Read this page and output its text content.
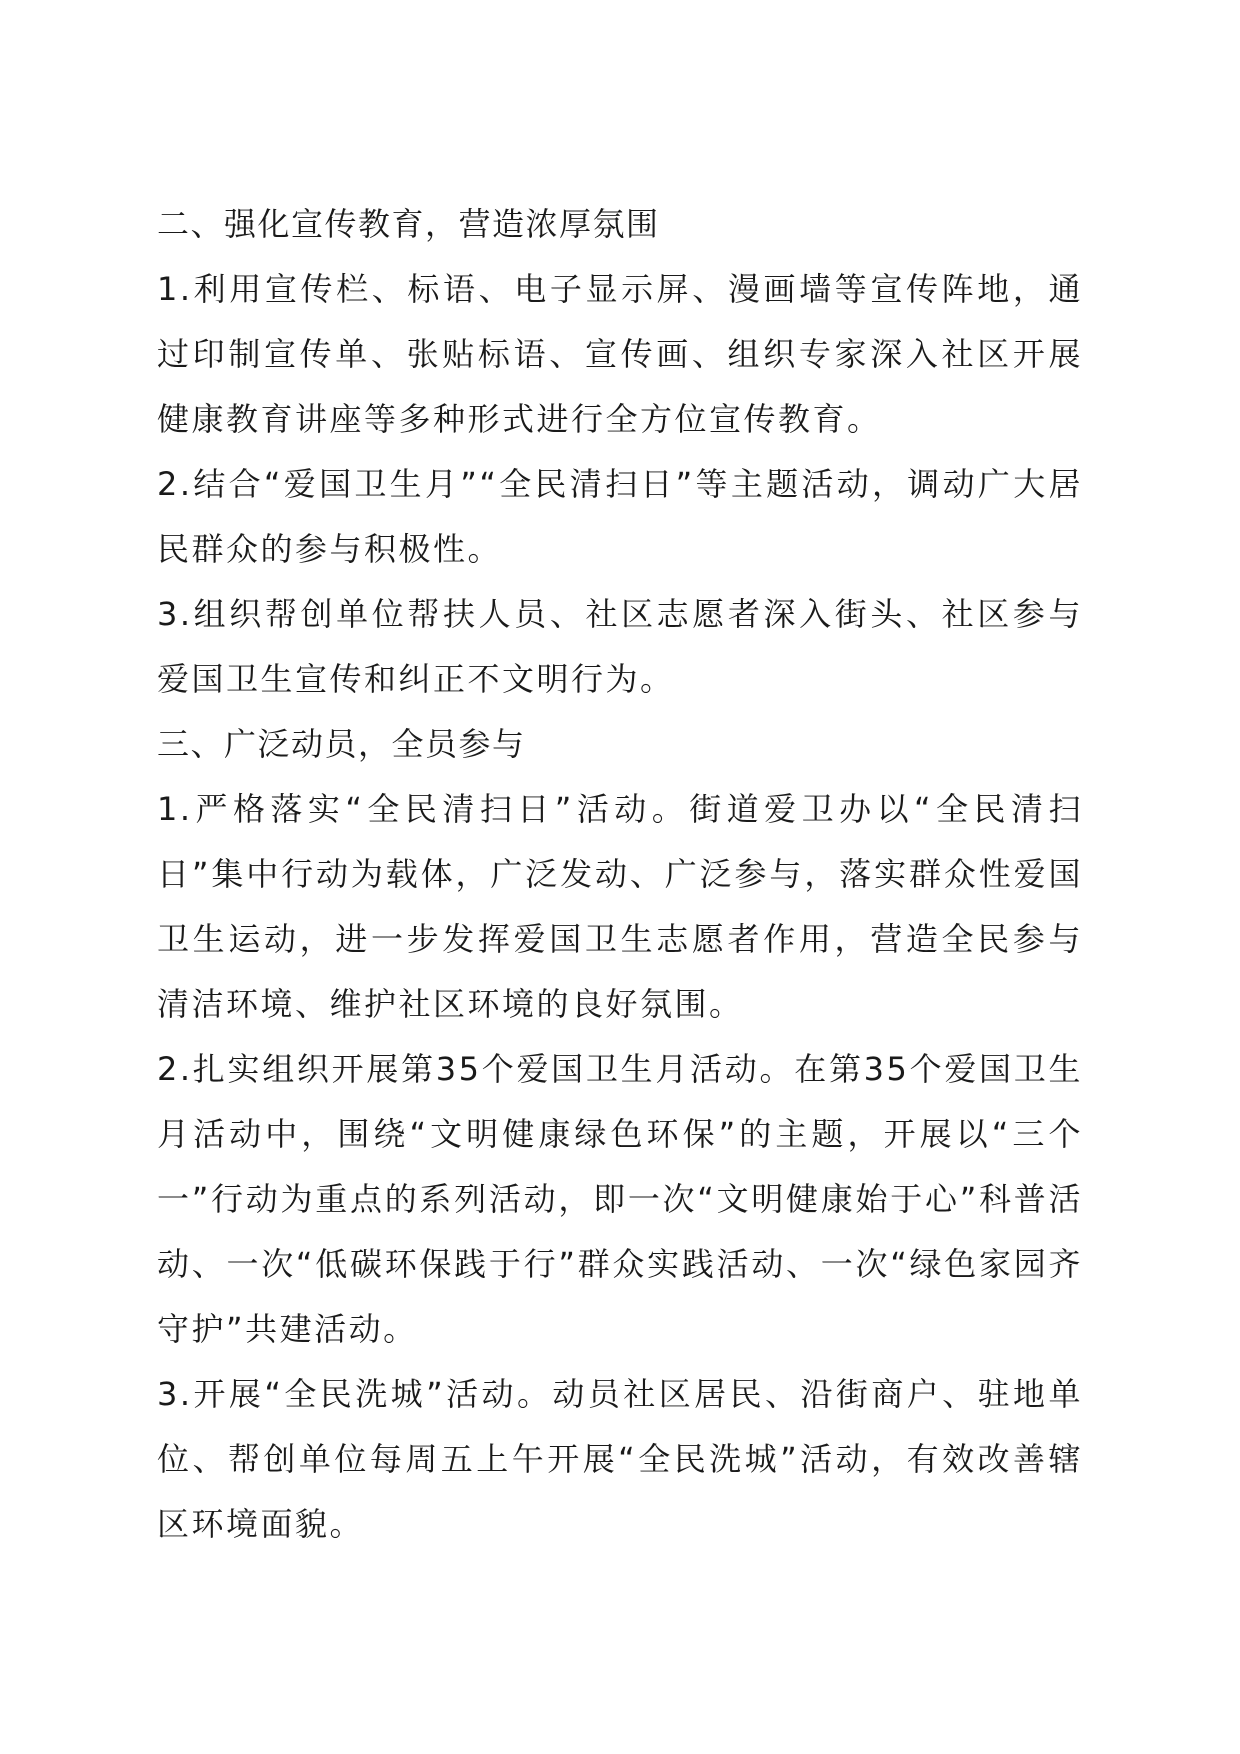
二、强化宣传教育，营造浓厚氛围

1.利用宣传栏、标语、电子显示屏、漫画墙等宣传阵地，通过印制宣传单、张贴标语、宣传画、组织专家深入社区开展健康教育讲座等多种形式进行全方位宣传教育。

2.结合“爱国卫生月”“全民清扫日”等主题活动，调动广大居民群众的参与积极性。

3.组织帮创单位帮扶人员、社区志愿者深入街头、社区参与爱国卫生宣传和纠正不文明行为。

三、广泛动员，全员参与

1.严格落实“全民清扫日”活动。街道爱卫办以“全民清扫日”集中行动为载体，广泛发动、广泛参与，落实群众性爱国卫生运动，进一步发挥爱国卫生志愿者作用，营造全民参与清洁环境、维护社区环境的良好氛围。

2.扎实组织开展第35个爱国卫生月活动。在第35个爱国卫生月活动中，围绕“文明健康绿色环保”的主题，开展以“三个一”行动为重点的系列活动，即一次“文明健康始于心”科普活动、一次“低碳环保践于行”群众实践活动、一次“绿色家园齐守护”共建活动。

3.开展“全民洗城”活动。动员社区居民、沿街商户、驻地单位、帮创单位每周五上午开展“全民洗城”活动，有效改善辖区环境面貌。
